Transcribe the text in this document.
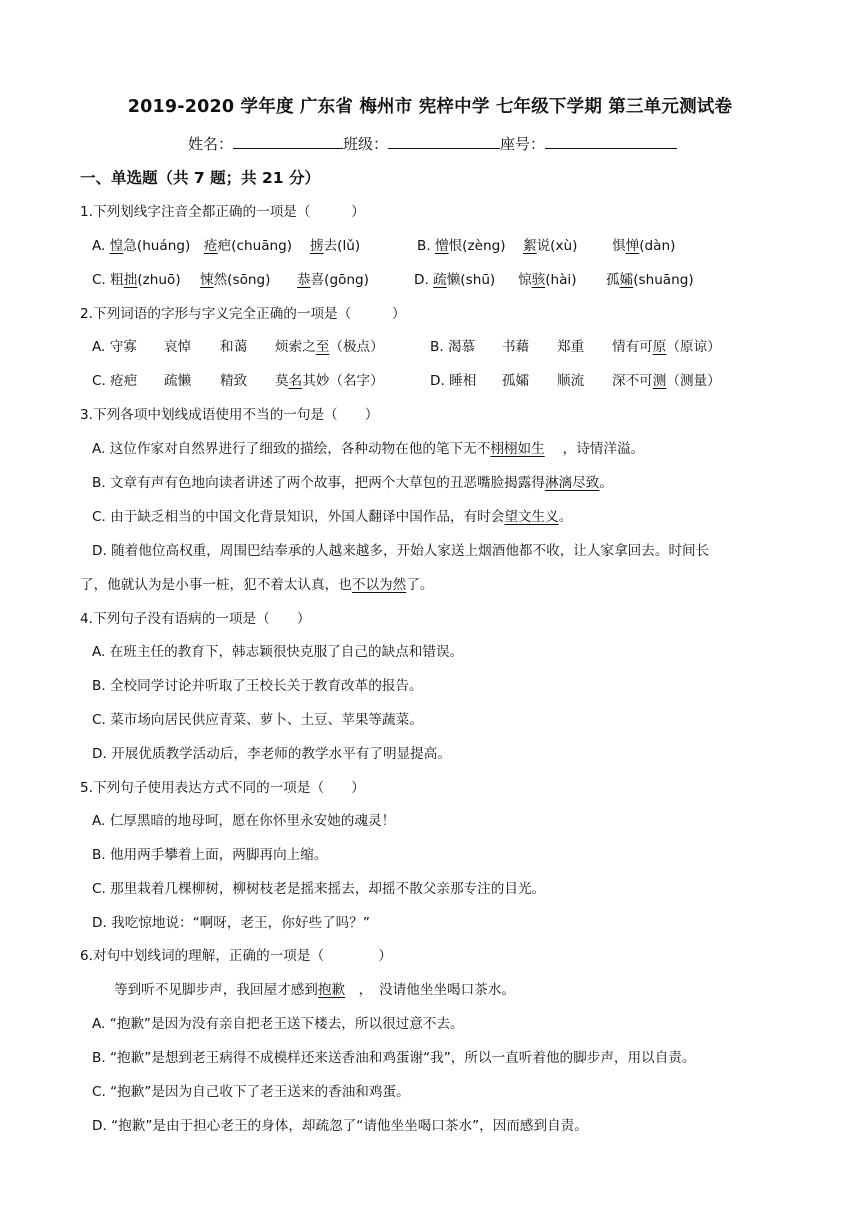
2019-2020 学年度 广东省 梅州市 宪梓中学 七年级下学期 第三单元测试卷
姓名：	班级：	座号：
一、单选题（共 7 题；共 21 分）
1.下列划线字注音全都正确的一项是（　　　）
A. 惶急(huáng) 疮疤(chuāng) 掳去(lǔ)	B. 憎恨(zèng) 絮说(xù)	惧惮(dàn)
C. 粗拙(zhuō) 悚然(sōng) 恭喜(gōng)	D. 疏懒(shū) 惊骇(hài) 孤孀(shuāng)
2.下列词语的字形与字义完全正确的一项是（　　　）
A. 守寡 哀悼 和蔼 烦索之至（极点）	B. 渴慕 书藉 郑重 情有可原（原谅）
C. 疮疤 疏懒 精致 莫名其妙（名字）	D. 睡相 孤孀 顺流 深不可测（测量）
3.下列各项中划线成语使用不当的一句是（　　）
A. 这位作家对自然界进行了细致的描绘，各种动物在他的笔下无不栩栩如生　 ，诗情洋溢。
B. 文章有声有色地向读者讲述了两个故事，把两个大草包的丑恶嘴脸揭露得淋漓尽致。
C. 由于缺乏相当的中国文化背景知识，外国人翻译中国作品，有时会望文生义。
D. 随着他位高权重，周围巴结奉承的人越来越多，开始人家送上烟酒他都不收，让人家拿回去。时间长
了，他就认为是小事一桩，犯不着太认真，也不以为然了。
4.下列句子没有语病的一项是（　　）
A. 在班主任的教育下，韩志颖很快克服了自己的缺点和错误。
B. 全校同学讨论并听取了王校长关于教育改革的报告。
C. 菜市场向居民供应青菜、萝卜、土豆、苹果等蔬菜。
D. 开展优质教学活动后，李老师的教学水平有了明显提高。
5.下列句子使用表达方式不同的一项是（　　）
A. 仁厚黑暗的地母呵，愿在你怀里永安她的魂灵！
B. 他用两手攀着上面，两脚再向上缩。
C. 那里栽着几棵柳树，柳树枝老是摇来摇去，却摇不散父亲那专注的目光。
D. 我吃惊地说：“啊呀，老王，你好些了吗？”
6.对句中划线词的理解，正确的一项是（　　　　）
等到听不见脚步声，我回屋才感到抱歉　，　没请他坐坐喝口茶水。
A. “抱歉”是因为没有亲自把老王送下楼去，所以很过意不去。
B. “抱歉”是想到老王病得不成模样还来送香油和鸡蛋谢“我”，所以一直听着他的脚步声，用以自责。
C. “抱歉”是因为自己收下了老王送来的香油和鸡蛋。
D. “抱歉”是由于担心老王的身体，却疏忽了“请他坐坐喝口茶水”，因而感到自责。
